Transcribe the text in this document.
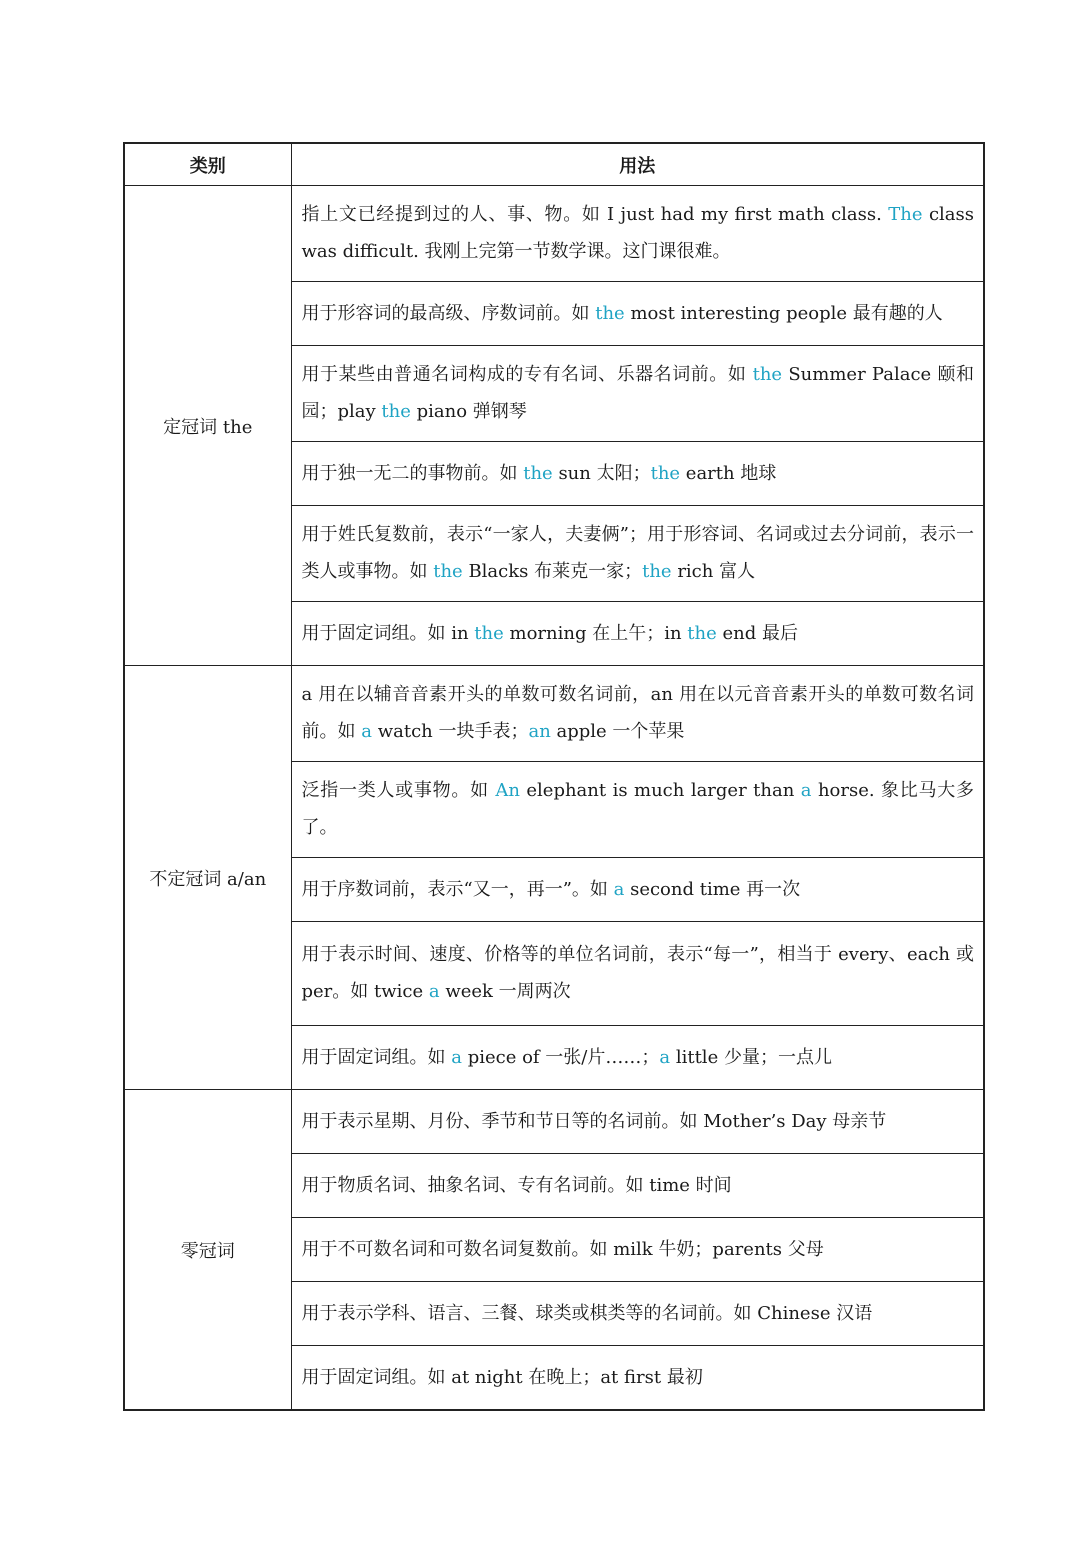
类别	用法
定冠词 the	指上文已经提到过的人、事、物。如 I just had my first math class. The class was difficult. 我刚上完第一节数学课。这门课很难。
	用于形容词的最高级、序数词前。如 the most interesting people 最有趣的人
	用于某些由普通名词构成的专有名词、乐器名词前。如 the Summer Palace 颐和园；play the piano 弹钢琴
	用于独一无二的事物前。如 the sun 太阳；the earth 地球
	用于姓氏复数前，表示“一家人，夫妻俩”；用于形容词、名词或过去分词前，表示一类人或事物。如 the Blacks 布莱克一家；the rich 富人
	用于固定词组。如 in the morning 在上午；in the end 最后
不定冠词 a/an	a 用在以辅音音素开头的单数可数名词前，an 用在以元音音素开头的单数可数名词前。如 a watch 一块手表；an apple 一个苹果
	泛指一类人或事物。如 An elephant is much larger than a horse. 象比马大多了。
	用于序数词前，表示“又一，再一”。如 a second time 再一次
	用于表示时间、速度、价格等的单位名词前，表示“每一”，相当于 every、each 或 per。如 twice a week 一周两次
	用于固定词组。如 a piece of 一张/片……；a little 少量；一点儿
零冠词	用于表示星期、月份、季节和节日等的名词前。如 Mother’s Day 母亲节
	用于物质名词、抽象名词、专有名词前。如 time 时间
	用于不可数名词和可数名词复数前。如 milk 牛奶；parents 父母
	用于表示学科、语言、三餐、球类或棋类等的名词前。如 Chinese 汉语
	用于固定词组。如 at night 在晚上；at first 最初
